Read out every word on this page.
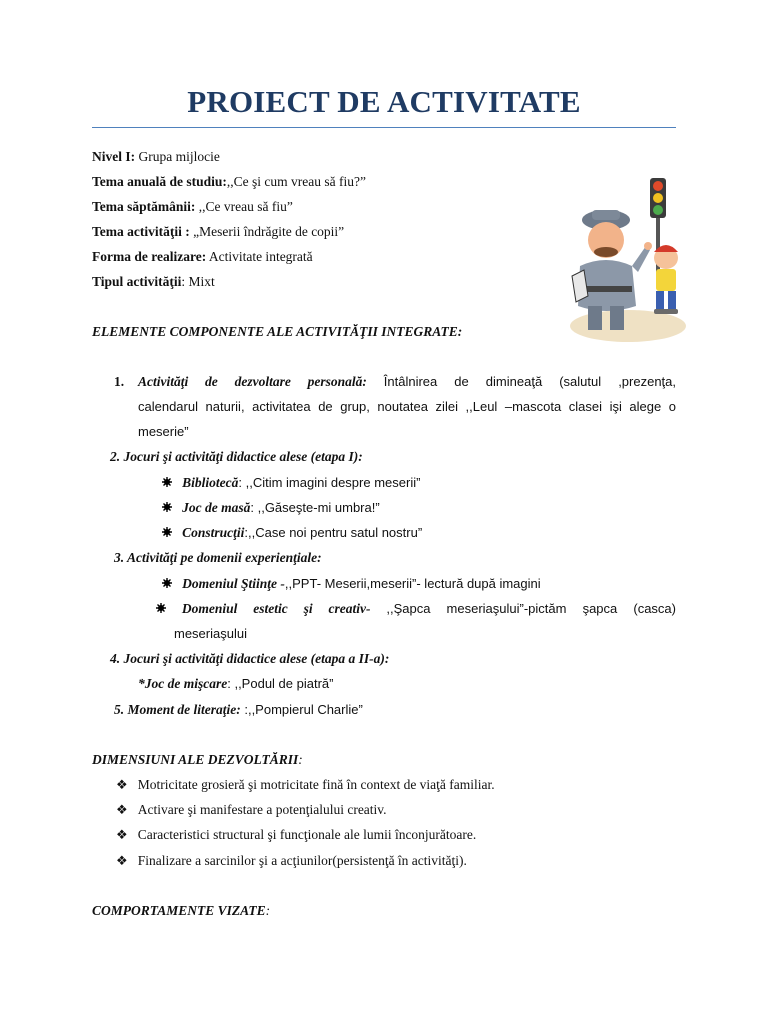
PROIECT DE ACTIVITATE
Nivel I: Grupa mijlocie
Tema anuală de studiu:,,Ce şi cum vreau să fiu?”
Tema săptămânii: ,,Ce vreau să fiu”
Tema activităţii : „Meserii îndrăgite de copii”
Forma de realizare: Activitate integrată
Tipul activităţii: Mixt
ELEMENTE COMPONENTE ALE ACTIVITĂŢII INTEGRATE:
1. Activităţi de dezvoltare personală: Întâlnirea de dimineaţă (salutul ,prezenţa,
calendarul naturii, activitatea de grup, noutatea zilei ,,Leul –mascota clasei işi alege o
meserie”
2. Jocuri şi activităţi didactice alese (etapa I):
Bibliotecă: ,,Citim imagini despre meserii”
Joc de masă: ,,Găseşte-mi umbra!”
Construcţii:,,Case noi pentru satul nostru”
3. Activităţi pe domenii experienţiale:
Domeniul Ştiinţe -,,PPT- Meserii,meserii”- lectură după imagini
Domeniul estetic şi creativ- ,,Şapca meseriaşului”-pictăm şapca (casca)
meseriaşului
4. Jocuri şi activităţi didactice alese (etapa a II-a):
*Joc de mişcare: ,,Podul de piatră”
5. Moment de literaţie: :,,Pompierul Charlie”
DIMENSIUNI ALE DEZVOLTĂRII:
❖ Motricitate grosieră şi motricitate fină în context de viaţă familiar.
❖ Activare şi manifestare a potenţialului creativ.
❖ Caracteristici structural şi funcţionale ale lumii înconjurătoare.
❖ Finalizare a sarcinilor şi a acţiunilor(persistenţă în activităţi).
COMPORTAMENTE VIZATE:
